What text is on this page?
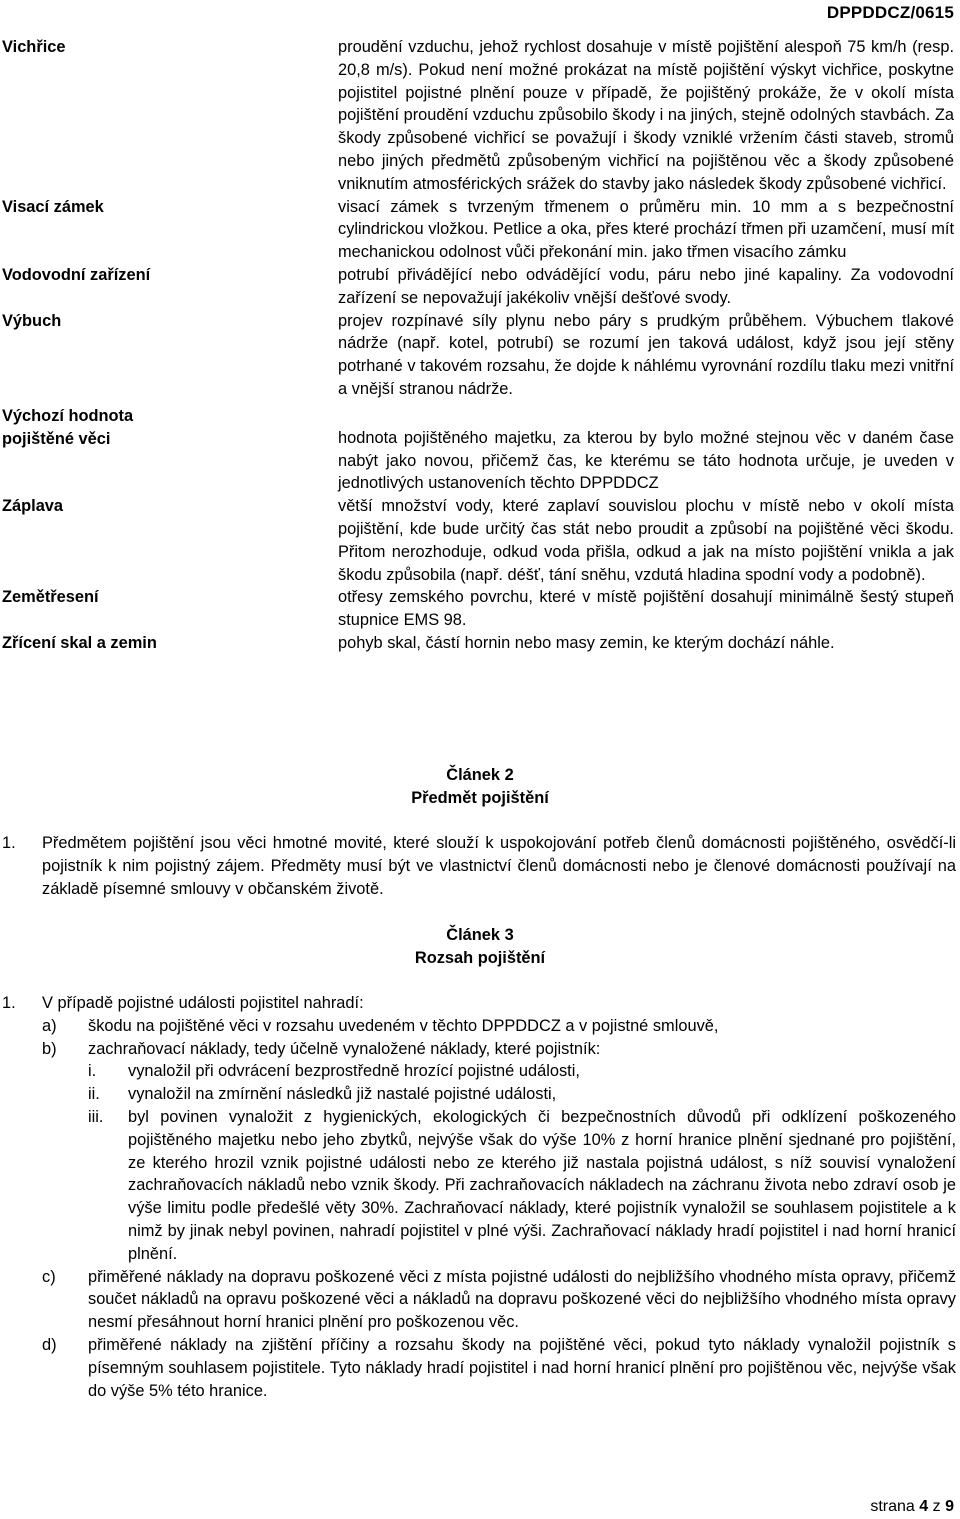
DPPDDCZ/0615
Vichřice	proudění vzduchu, jehož rychlost dosahuje v místě pojištění alespoň 75 km/h (resp. 20,8 m/s). Pokud není možné prokázat na místě pojištění výskyt vichřice, poskytne pojistitel pojistné plnění pouze v případě, že pojištěný prokáže, že v okolí místa pojištění proudění vzduchu způsobilo škody i na jiných, stejně odolných stavbách. Za škody způsobené vichřicí se považují i škody vzniklé vržením části staveb, stromů nebo jiných předmětů způsobeným vichřicí na pojištěnou věc a škody způsobené vniknutím atmosférických srážek do stavby jako následek škody způsobené vichřicí.
Visací zámek	visací zámek s tvrzeným třmenem o průměru min. 10 mm a s bezpečnostní cylindrickou vložkou. Petlice a oka, přes které prochází třmen při uzamčení, musí mít mechanickou odolnost vůči překonání min. jako třmen visacího zámku
Vodovodní zařízení	potrubí přivádějící nebo odvádějící vodu, páru nebo jiné kapaliny. Za vodovodní zařízení se nepovažují jakékoliv vnější dešťové svody.
Výbuch	projev rozpínavé síly plynu nebo páry s prudkým průběhem. Výbuchem tlakové nádrže (např. kotel, potrubí) se rozumí jen taková událost, když jsou její stěny potrhané v takovém rozsahu, že dojde k náhlému vyrovnání rozdílu tlaku mezi vnitřní a vnější stranou nádrže.
Výchozí hodnota pojištěné věci	hodnota pojištěného majetku, za kterou by bylo možné stejnou věc v daném čase nabýt jako novou, přičemž čas, ke kterému se táto hodnota určuje, je uveden v jednotlivých ustanoveních těchto DPPDDCZ
Záplava	větší množství vody, které zaplaví souvislou plochu v místě nebo v okolí místa pojištění, kde bude určitý čas stát nebo proudit a způsobí na pojištěné věci škodu. Přitom nerozhoduje, odkud voda přišla, odkud a jak na místo pojištění vnikla a jak škodu způsobila (např. déšť, tání sněhu, vzdutá hladina spodní vody a podobně).
Zemětřesení	otřesy zemského povrchu, které v místě pojištění dosahují minimálně šestý stupeň stupnice EMS 98.
Zřícení skal a zemin	pohyb skal, částí hornin nebo masy zemin, ke kterým dochází náhle.
Článek 2
Předmět pojištění
1. Předmětem pojištění jsou věci hmotné movité, které slouží k uspokojování potřeb členů domácnosti pojištěného, osvědčí-li pojistník k nim pojistný zájem. Předměty musí být ve vlastnictví členů domácnosti nebo je členové domácnosti používají na základě písemné smlouvy v občanském životě.
Článek 3
Rozsah pojištění
1. V případě pojistné události pojistitel nahradí:
a) škodu na pojištěné věci v rozsahu uvedeném v těchto DPPDDCZ a v pojistné smlouvě,
b) zachraňovací náklady, tedy účelně vynaložené náklady, které pojistník:
i. vynaložil při odvrácení bezprostředně hrozící pojistné události,
ii. vynaložil na zmírnění následků již nastalé pojistné události,
iii. byl povinen vynaložit z hygienických, ekologických či bezpečnostních důvodů při odklízení poškozeného pojištěného majetku nebo jeho zbytků, nejvýše však do výše 10% z horní hranice plnění sjednané pro pojištění, ze kterého hrozil vznik pojistné události nebo ze kterého již nastala pojistná událost, s níž souvisí vynaložení zachraňovacích nákladů nebo vznik škody. Při zachraňovacích nákladech na záchranu života nebo zdraví osob je výše limitu podle předešlé věty 30%. Zachraňovací náklady, které pojistník vynaložil se souhlasem pojistitele a k nimž by jinak nebyl povinen, nahradí pojistitel v plné výši. Zachraňovací náklady hradí pojistitel i nad horní hranicí plnění.
c) přiměřené náklady na dopravu poškozené věci z místa pojistné události do nejbližšího vhodného místa opravy, přičemž součet nákladů na opravu poškozené věci a nákladů na dopravu poškozené věci do nejbližšího vhodného místa opravy nesmí přesáhnout horní hranici plnění pro poškozenou věc.
d) přiměřené náklady na zjištění příčiny a rozsahu škody na pojištěné věci, pokud tyto náklady vynaložil pojistník s písemným souhlasem pojistitele. Tyto náklady hradí pojistitel i nad horní hranicí plnění pro pojištěnou věc, nejvýše však do výše 5% této hranice.
strana 4 z 9
